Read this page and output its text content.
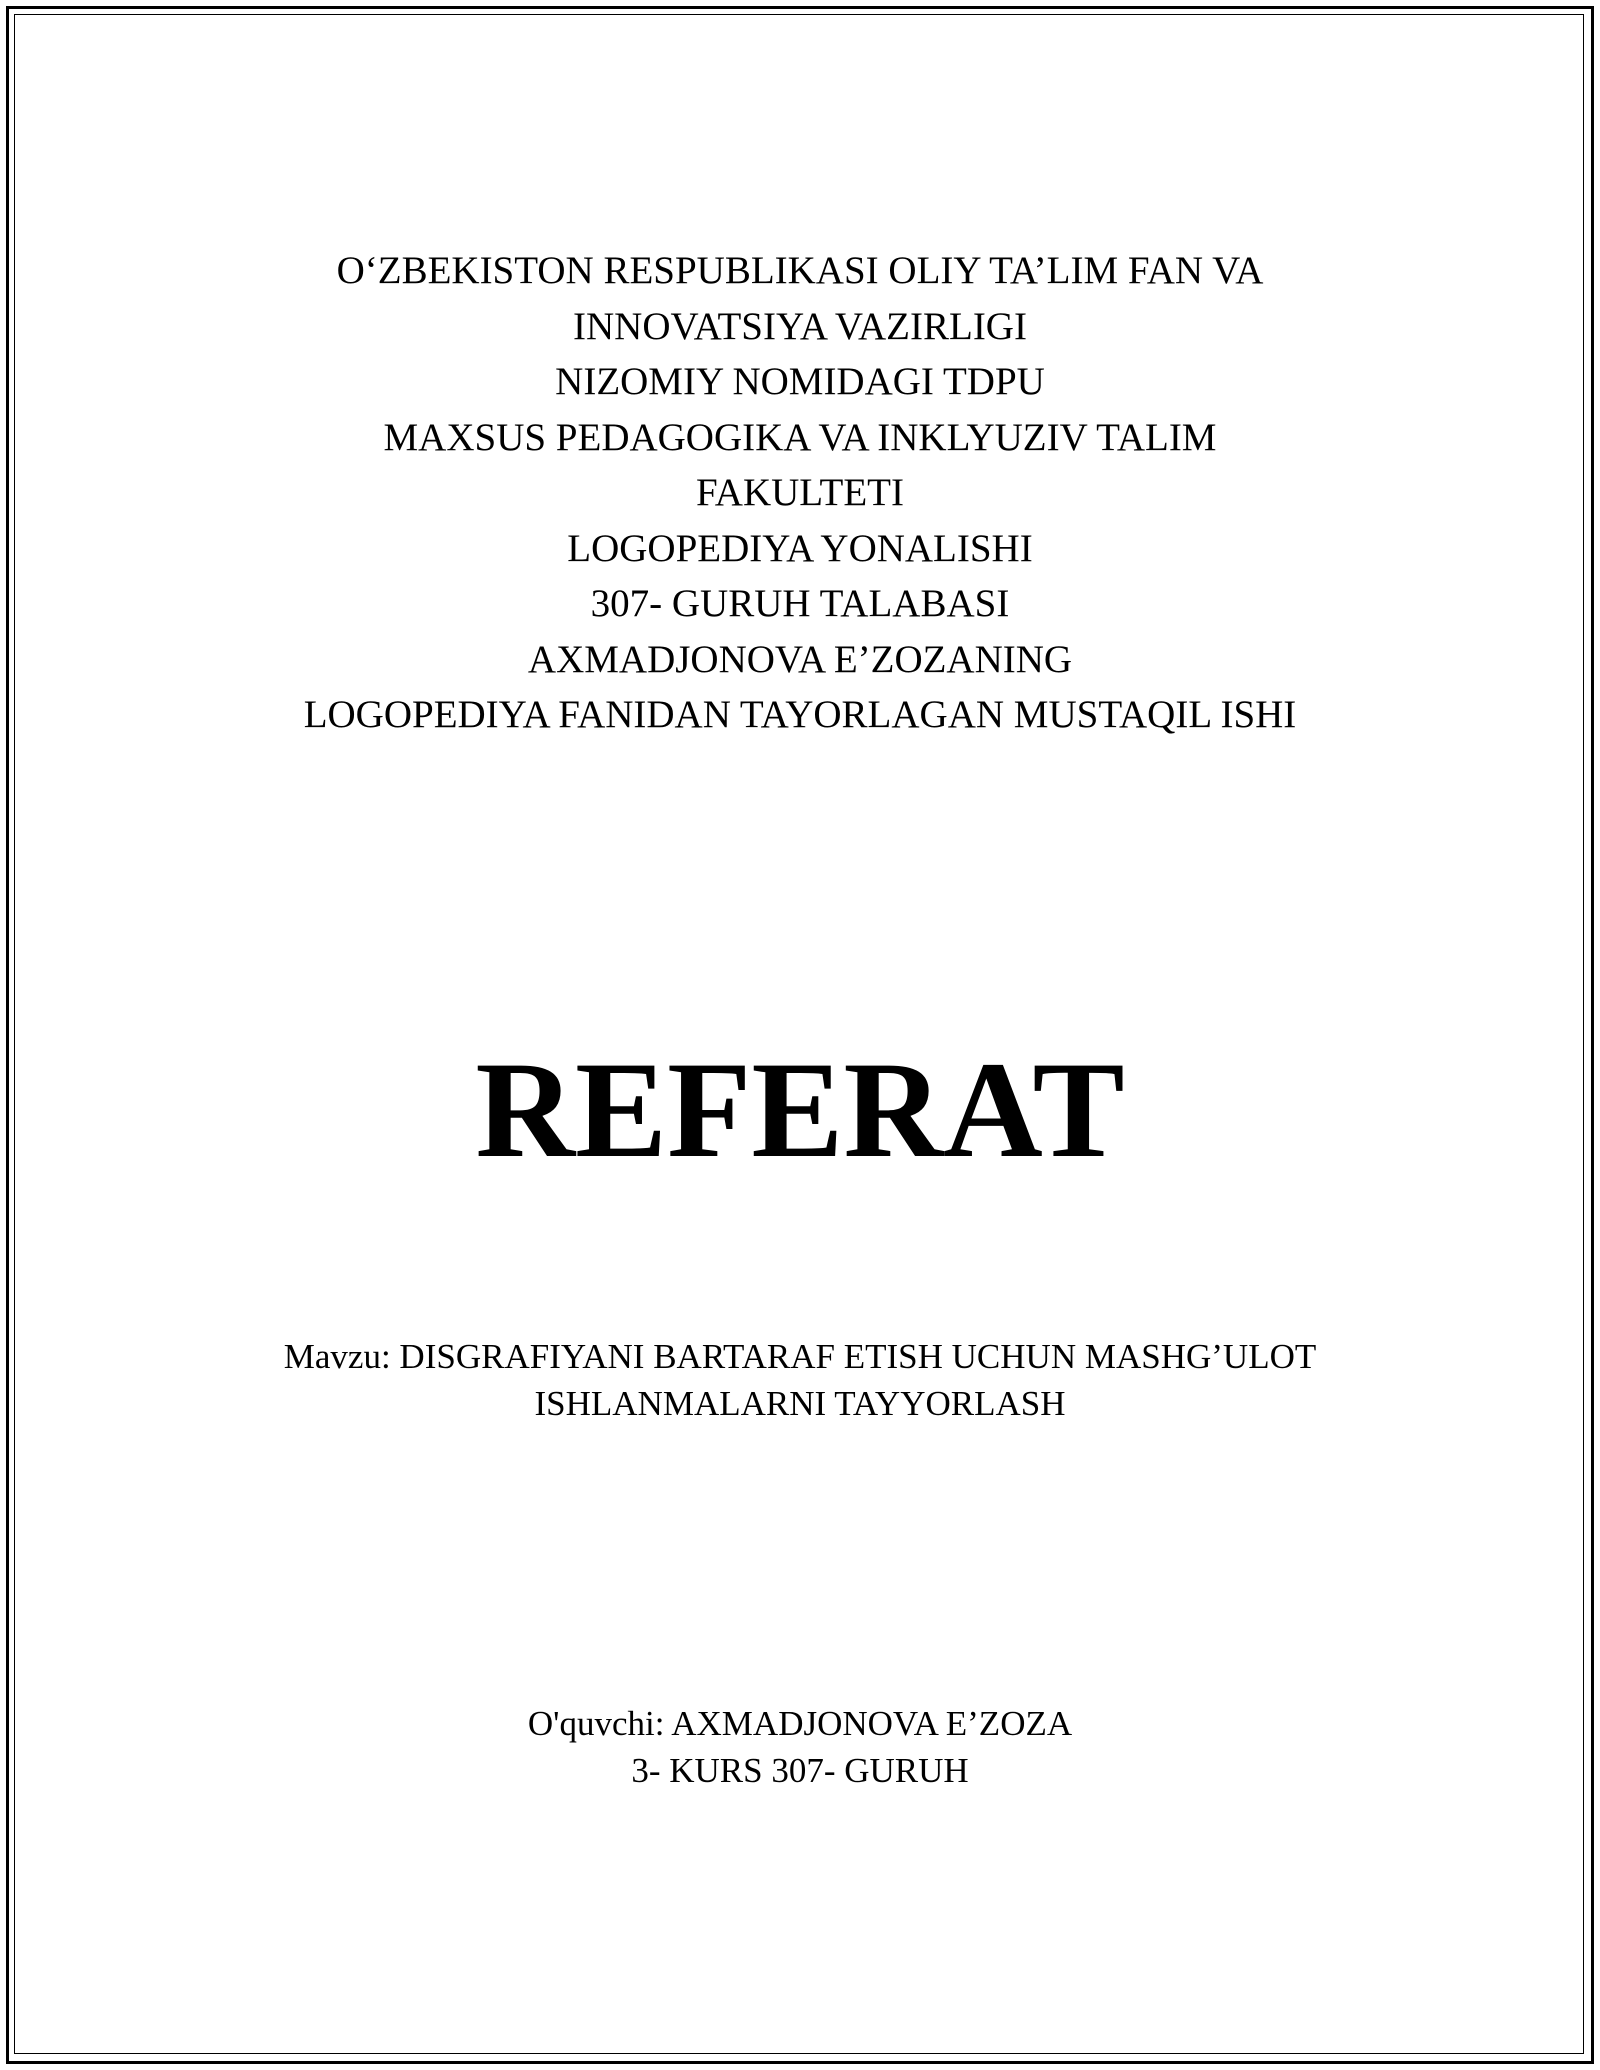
O‘ZBEKISTON RESPUBLIKASI OLIY TA’LIM FAN VA
INNOVATSIYA VAZIRLIGI
NIZOMIY NOMIDAGI TDPU
MAXSUS PEDAGOGIKA VA INKLYUZIV TALIM
FAKULTETI
LOGOPEDIYA YONALISHI
307- GURUH TALABASI
AXMADJONOVA E’ZOZANING
LOGOPEDIYA FANIDAN TAYORLAGAN MUSTAQIL ISHI
REFERAT
Mavzu: DISGRAFIYANI BARTARAF ETISH UCHUN MASHG’ULOT
ISHLANMALARNI TAYYORLASH
O'quvchi: AXMADJONOVA E’ZOZA
3- KURS 307- GURUH
